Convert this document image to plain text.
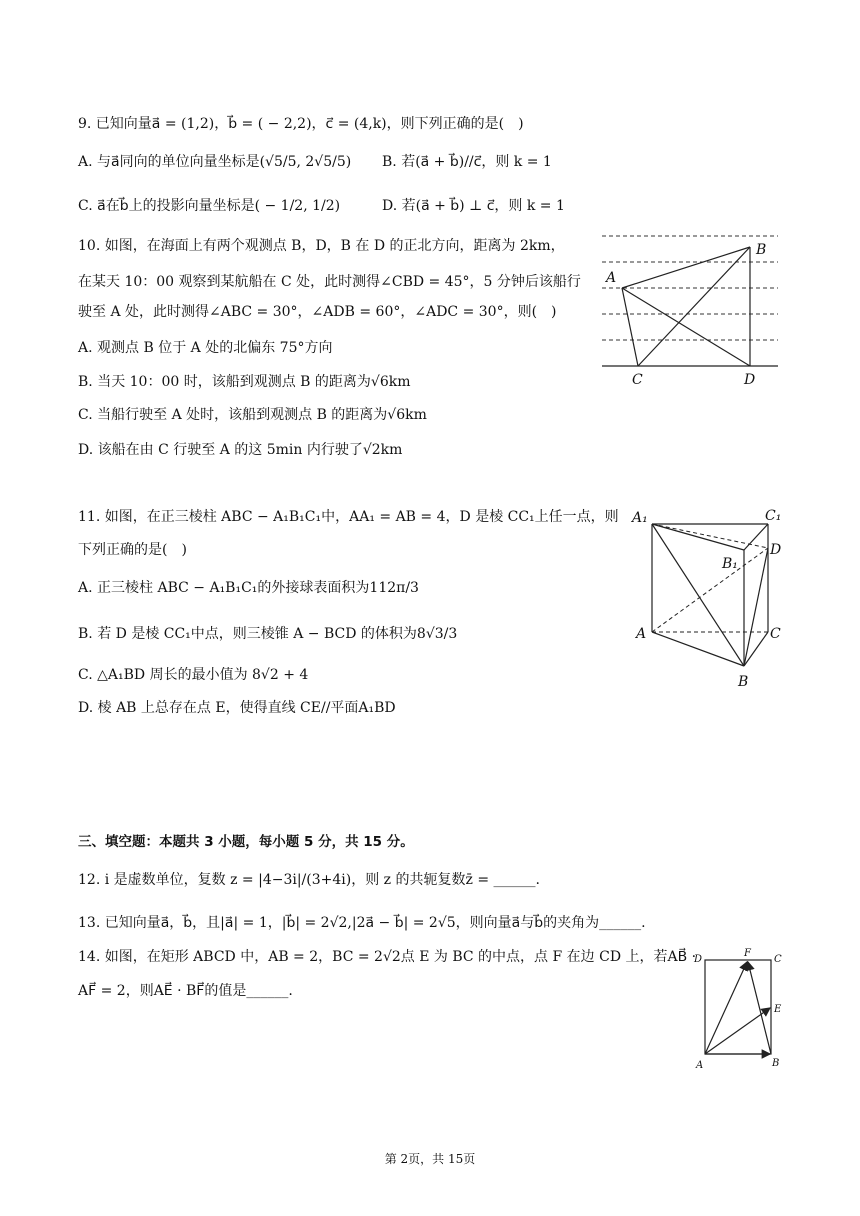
9. 已知向量a⃗ = (1,2)，b⃗ = ( − 2,2)，c⃗ = (4,k)，则下列正确的是(　)
A. 与a⃗同向的单位向量坐标是(√5/5, 2√5/5) B. 若(a⃗ + b⃗)//c⃗，则 k = 1
C. a⃗在b⃗上的投影向量坐标是( − 1/2, 1/2)	D. 若(a⃗ + b⃗) ⊥ c⃗，则 k = 1
10. 如图，在海面上有两个观测点 B，D，B 在 D 的正北方向，距离为 2km，
在某天 10：00 观察到某航船在 C 处，此时测得∠CBD = 45°，5 分钟后该船行
驶至 A 处，此时测得∠ABC = 30°，∠ADB = 60°，∠ADC = 30°，则(　)
A. 观测点 B 位于 A 处的北偏东 75°方向
B. 当天 10：00 时，该船到观测点 B 的距离为√6km
C. 当船行驶至 A 处时，该船到观测点 B 的距离为√6km
D. 该船在由 C 行驶至 A 的这 5min 内行驶了√2km
A
B
C	D
11. 如图，在正三棱柱 ABC − A₁B₁C₁中，AA₁ = AB = 4，D 是棱 CC₁上任一点，则
下列正确的是(　)
A. 正三棱柱 ABC − A₁B₁C₁的外接球表面积为112π/3
B. 若 D 是棱 CC₁中点，则三棱锥 A − BCD 的体积为8√3/3
C. △A₁BD 周长的最小值为 8√2 + 4
D. 棱 AB 上总存在点 E，使得直线 CE//平面A₁BD
A₁	C₁
D
B₁
A	C
B
三、填空题：本题共 3 小题，每小题 5 分，共 15 分。
12. i 是虚数单位，复数 z = |4−3i|/(3+4i)，则 z 的共轭复数z̄ = ______.
13. 已知向量a⃗，b⃗，且|a⃗| = 1，|b⃗| = 2√2,|2a⃗ − b⃗| = 2√5，则向量a⃗与b⃗的夹角为______.
14. 如图，在矩形 ABCD 中，AB = 2，BC = 2√2点 E 为 BC 的中点，点 F 在边 CD 上，若AB⃗ ·
AF⃗ = 2，则AE⃗ · BF⃗的值是______.
D
F
C
E
A	B
第 2页，共 15页
